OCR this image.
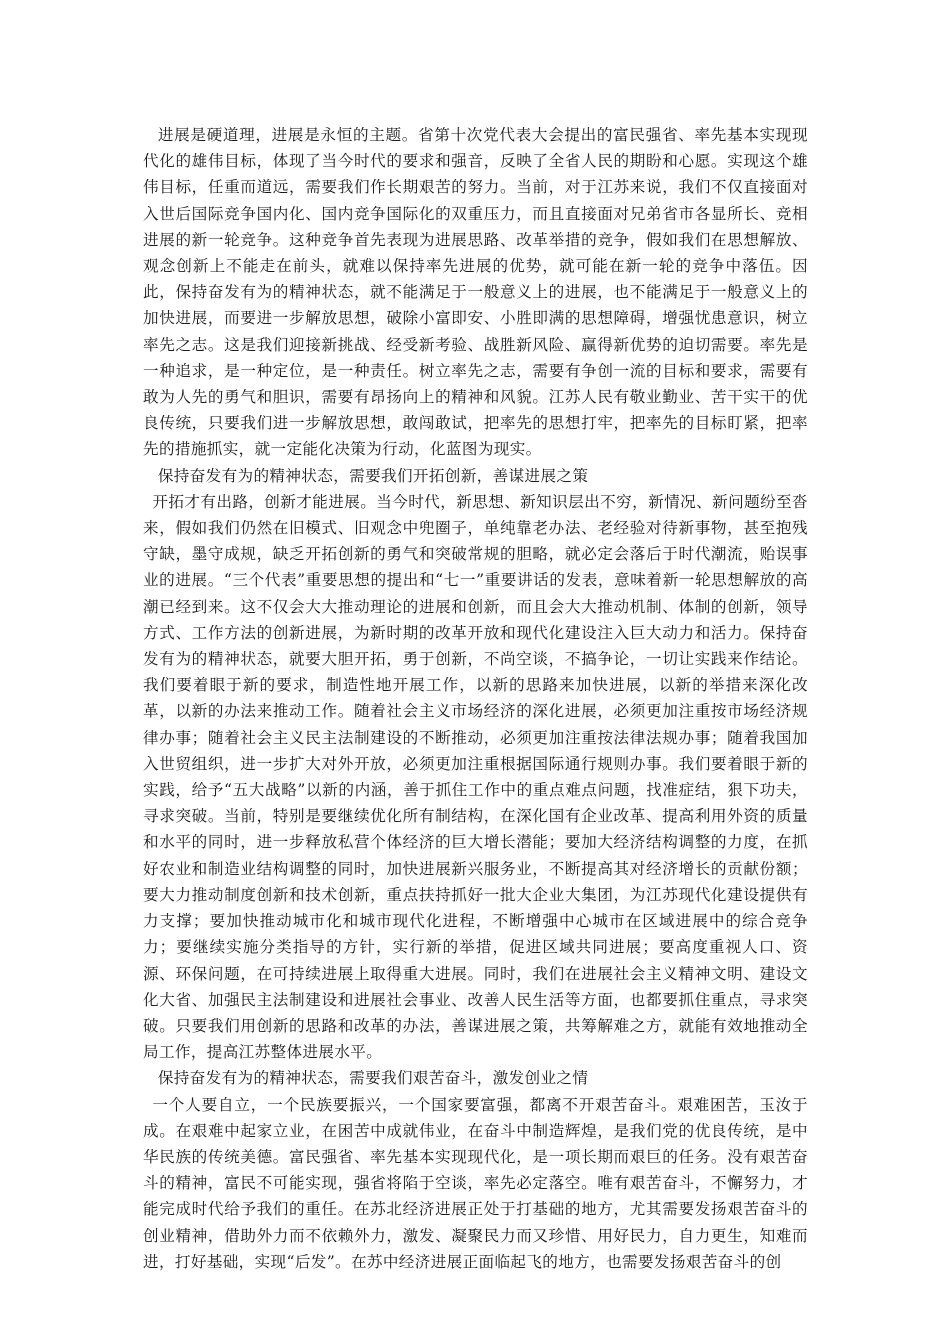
进展是硬道理，进展是永恒的主题。省第十次党代表大会提出的富民强省、率先基本实现现代化的雄伟目标，体现了当今时代的要求和强音，反映了全省人民的期盼和心愿。实现这个雄伟目标，任重而道远，需要我们作长期艰苦的努力。当前，对于江苏来说，我们不仅直接面对入世后国际竞争国内化、国内竞争国际化的双重压力，而且直接面对兄弟省市各显所长、竞相进展的新一轮竞争。这种竞争首先表现为进展思路、改革举措的竞争，假如我们在思想解放、观念创新上不能走在前头，就难以保持率先进展的优势，就可能在新一轮的竞争中落伍。因此，保持奋发有为的精神状态，就不能满足于一般意义上的进展，也不能满足于一般意义上的加快进展，而要进一步解放思想，破除小富即安、小胜即满的思想障碍，增强忧患意识，树立率先之志。这是我们迎接新挑战、经受新考验、战胜新风险、赢得新优势的迫切需要。率先是一种追求，是一种定位，是一种责任。树立率先之志，需要有争创一流的目标和要求，需要有敢为人先的勇气和胆识，需要有昂扬向上的精神和风貌。江苏人民有敬业勤业、苦干实干的优良传统，只要我们进一步解放思想，敢闯敢试，把率先的思想打牢，把率先的目标盯紧，把率先的措施抓实，就一定能化决策为行动，化蓝图为现实。

保持奋发有为的精神状态，需要我们开拓创新，善谋进展之策

开拓才有出路，创新才能进展。当今时代，新思想、新知识层出不穷，新情况、新问题纷至沓来，假如我们仍然在旧模式、旧观念中兜圈子，单纯靠老办法、老经验对待新事物，甚至抱残守缺，墨守成规，缺乏开拓创新的勇气和突破常规的胆略，就必定会落后于时代潮流，贻误事业的进展。“三个代表”重要思想的提出和“七一”重要讲话的发表，意味着新一轮思想解放的高潮已经到来。这不仅会大大推动理论的进展和创新，而且会大大推动机制、体制的创新，领导方式、工作方法的创新进展，为新时期的改革开放和现代化建设注入巨大动力和活力。保持奋发有为的精神状态，就要大胆开拓，勇于创新，不尚空谈，不搞争论，一切让实践来作结论。我们要着眼于新的要求，制造性地开展工作，以新的思路来加快进展，以新的举措来深化改革，以新的办法来推动工作。随着社会主义市场经济的深化进展，必须更加注重按市场经济规律办事；随着社会主义民主法制建设的不断推动，必须更加注重按法律法规办事；随着我国加入世贸组织，进一步扩大对外开放，必须更加注重根据国际通行规则办事。我们要着眼于新的实践，给予“五大战略”以新的内涵，善于抓住工作中的重点难点问题，找准症结，狠下功夫，寻求突破。当前，特别是要继续优化所有制结构，在深化国有企业改革、提高利用外资的质量和水平的同时，进一步释放私营个体经济的巨大增长潜能；要加大经济结构调整的力度，在抓好农业和制造业结构调整的同时，加快进展新兴服务业，不断提高其对经济增长的贡献份额；要大力推动制度创新和技术创新，重点扶持抓好一批大企业大集团，为江苏现代化建设提供有力支撑；要加快推动城市化和城市现代化进程，不断增强中心城市在区域进展中的综合竞争力；要继续实施分类指导的方针，实行新的举措，促进区域共同进展；要高度重视人口、资源、环保问题，在可持续进展上取得重大进展。同时，我们在进展社会主义精神文明、建设文化大省、加强民主法制建设和进展社会事业、改善人民生活等方面，也都要抓住重点，寻求突破。只要我们用创新的思路和改革的办法，善谋进展之策，共筹解难之方，就能有效地推动全局工作，提高江苏整体进展水平。

保持奋发有为的精神状态，需要我们艰苦奋斗，激发创业之情

一个人要自立，一个民族要振兴，一个国家要富强，都离不开艰苦奋斗。艰难困苦，玉汝于成。在艰难中起家立业，在困苦中成就伟业，在奋斗中制造辉煌，是我们党的优良传统，是中华民族的传统美德。富民强省、率先基本实现现代化，是一项长期而艰巨的任务。没有艰苦奋斗的精神，富民不可能实现，强省将陷于空谈，率先必定落空。唯有艰苦奋斗，不懈努力，才能完成时代给予我们的重任。在苏北经济进展正处于打基础的地方，尤其需要发扬艰苦奋斗的创业精神，借助外力而不依赖外力，激发、凝聚民力而又珍惜、用好民力，自力更生，知难而进，打好基础，实现“后发”。在苏中经济进展正面临起飞的地方，也需要发扬艰苦奋斗的创
